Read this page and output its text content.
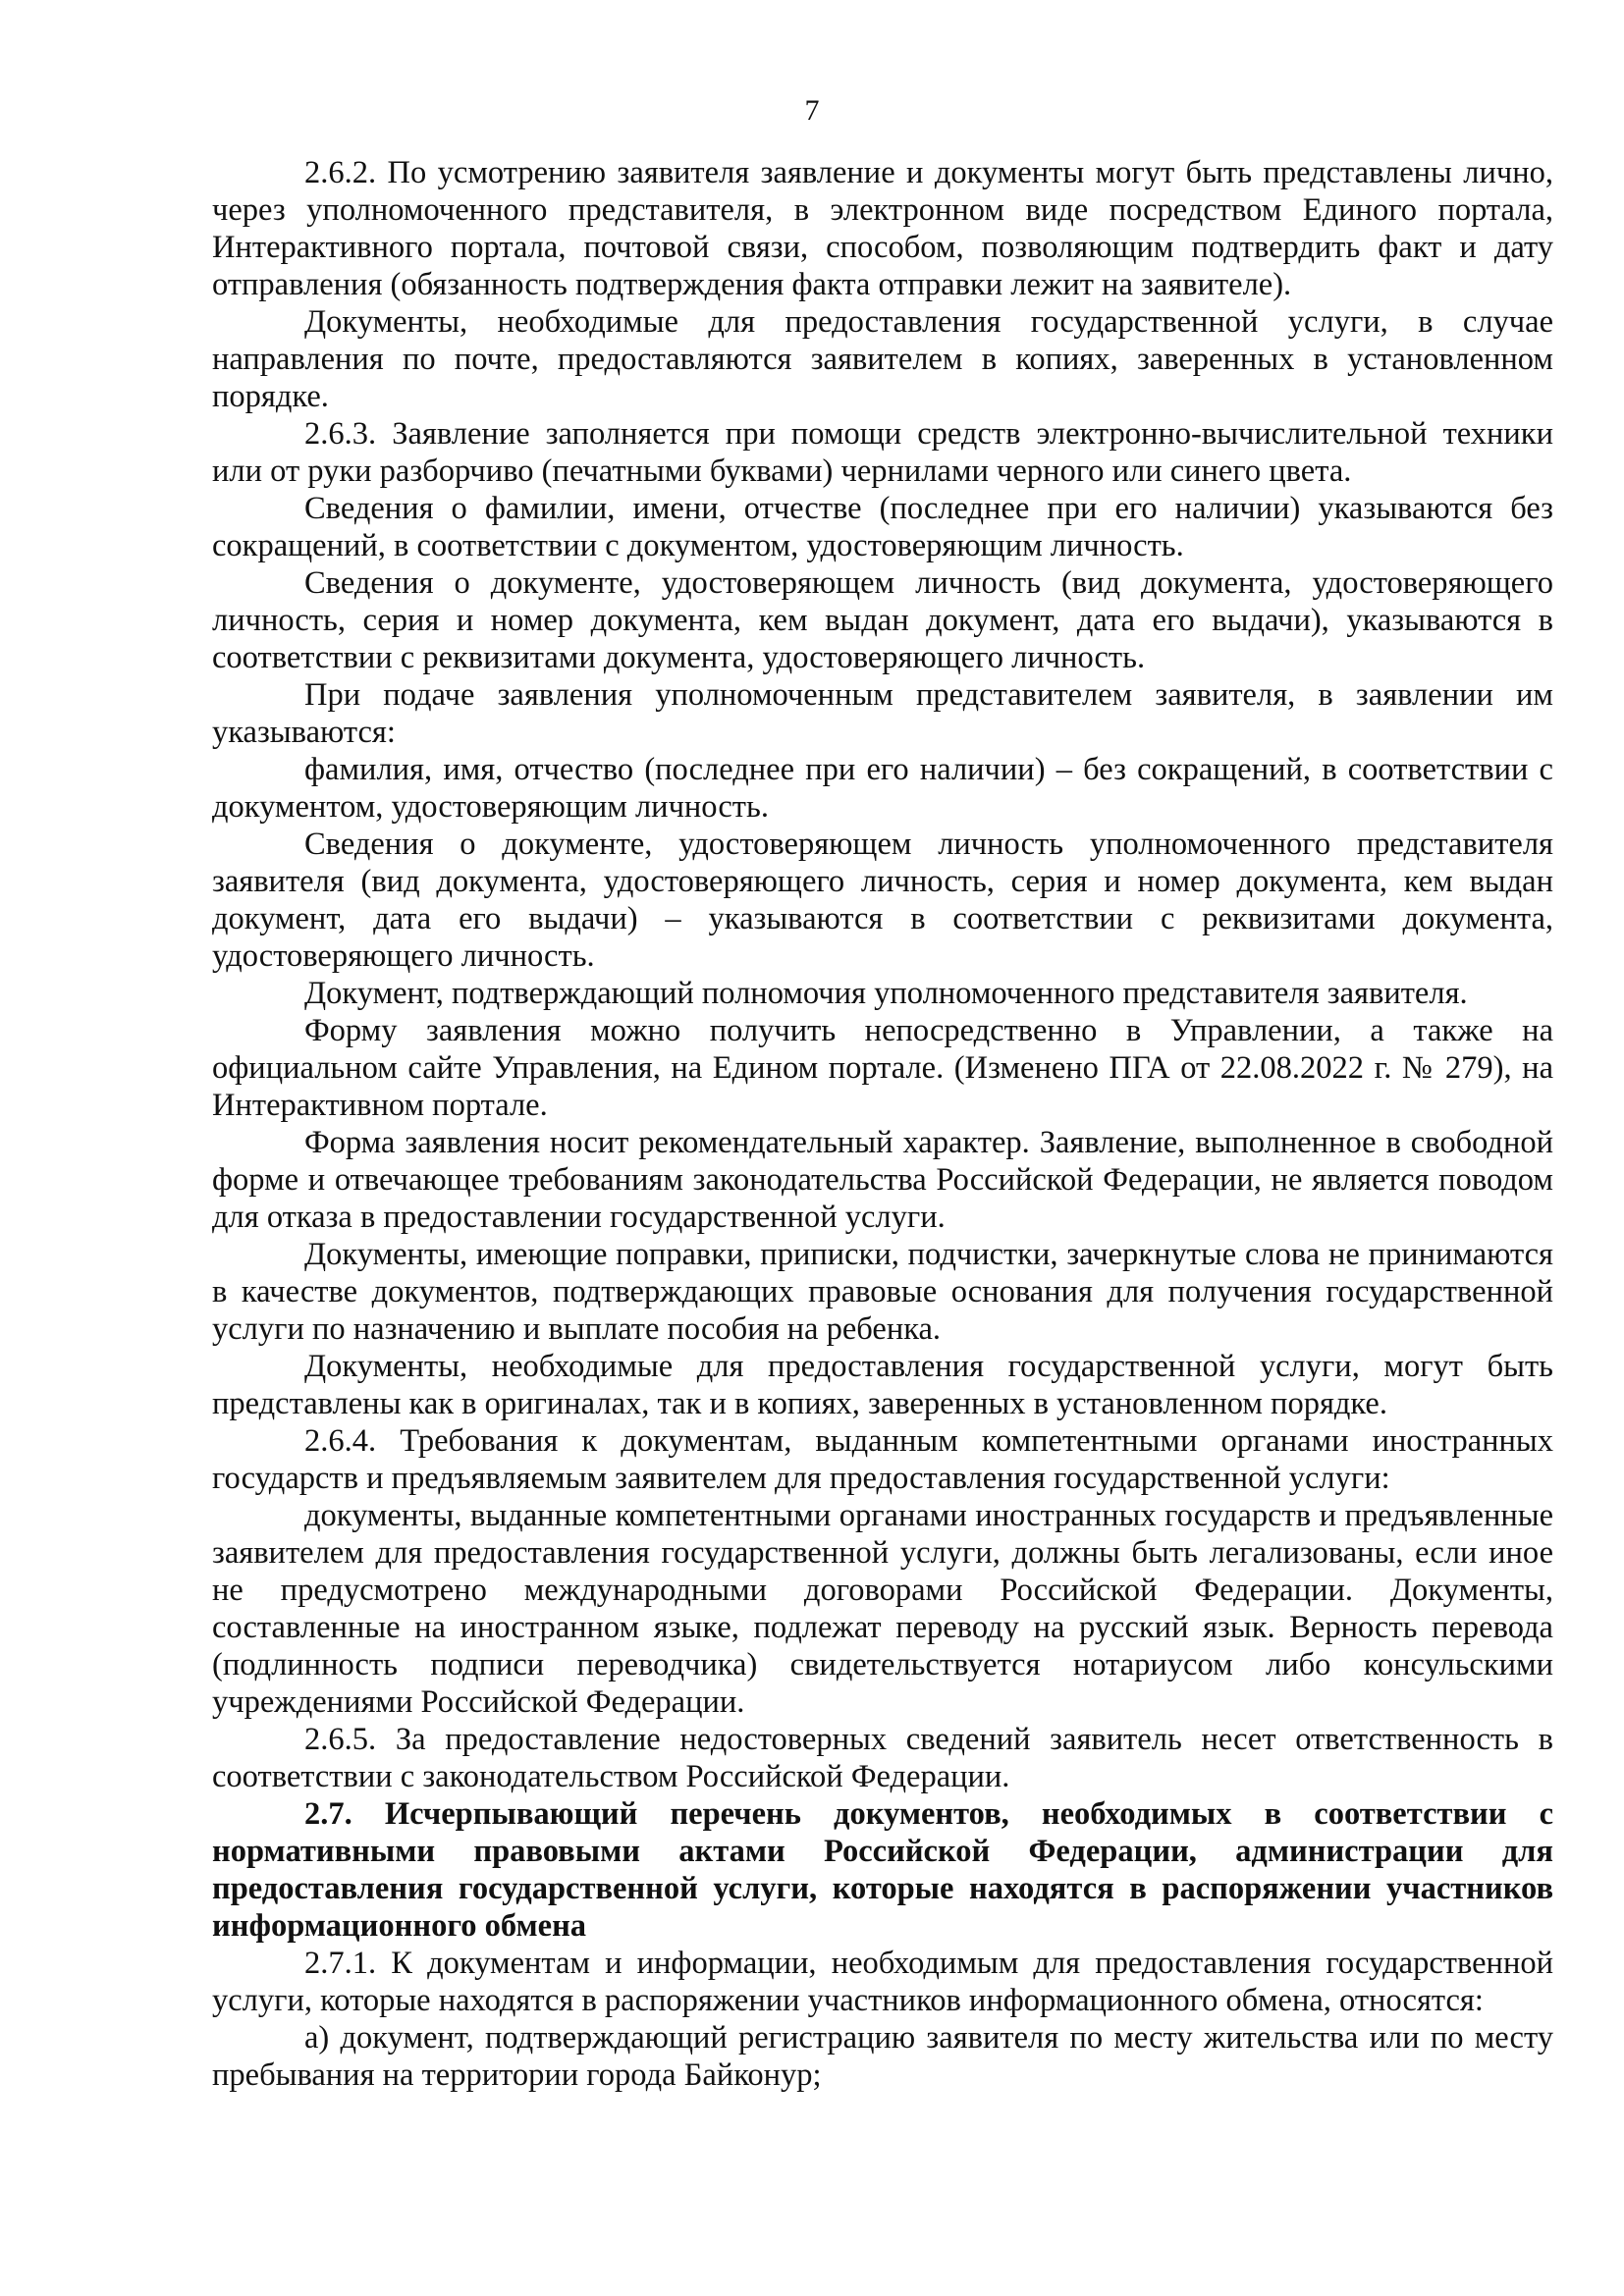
7

2.6.2. По усмотрению заявителя заявление и документы могут быть представлены лично, через уполномоченного представителя, в электронном виде посредством Единого портала, Интерактивного портала, почтовой связи, способом, позволяющим подтвердить факт и дату отправления (обязанность подтверждения факта отправки лежит на заявителе).

Документы, необходимые для предоставления государственной услуги, в случае направления по почте, предоставляются заявителем в копиях, заверенных в установленном порядке.

2.6.3. Заявление заполняется при помощи средств электронно-вычислительной техники или от руки разборчиво (печатными буквами) чернилами черного или синего цвета.

Сведения о фамилии, имени, отчестве (последнее при его наличии) указываются без сокращений, в соответствии с документом, удостоверяющим личность.

Сведения о документе, удостоверяющем личность (вид документа, удостоверяющего личность, серия и номер документа, кем выдан документ, дата его выдачи), указываются в соответствии с реквизитами документа, удостоверяющего личность.

При подаче заявления уполномоченным представителем заявителя, в заявлении им указываются:

фамилия, имя, отчество (последнее при его наличии) – без сокращений, в соответствии с документом, удостоверяющим личность.

Сведения о документе, удостоверяющем личность уполномоченного представителя заявителя (вид документа, удостоверяющего личность, серия и номер документа, кем выдан документ, дата его выдачи) – указываются в соответствии с реквизитами документа, удостоверяющего личность.

Документ, подтверждающий полномочия уполномоченного представителя заявителя.

Форму заявления можно получить непосредственно в Управлении, а также на официальном сайте Управления, на Едином портале. (Изменено ПГА от 22.08.2022 г. № 279), на Интерактивном портале.

Форма заявления носит рекомендательный характер. Заявление, выполненное в свободной форме и отвечающее требованиям законодательства Российской Федерации, не является поводом для отказа в предоставлении государственной услуги.

Документы, имеющие поправки, приписки, подчистки, зачеркнутые слова не принимаются в качестве документов, подтверждающих правовые основания для получения государственной услуги по назначению и выплате пособия на ребенка.

Документы, необходимые для предоставления государственной услуги, могут быть представлены как в оригиналах, так и в копиях, заверенных в установленном порядке.

2.6.4. Требования к документам, выданным компетентными органами иностранных государств и предъявляемым заявителем для предоставления государственной услуги:

документы, выданные компетентными органами иностранных государств и предъявленные заявителем для предоставления государственной услуги, должны быть легализованы, если иное не предусмотрено международными договорами Российской Федерации. Документы, составленные на иностранном языке, подлежат переводу на русский язык. Верность перевода (подлинность подписи переводчика) свидетельствуется нотариусом либо консульскими учреждениями Российской Федерации.

2.6.5. За предоставление недостоверных сведений заявитель несет ответственность в соответствии с законодательством Российской Федерации.

2.7. Исчерпывающий перечень документов, необходимых в соответствии с нормативными правовыми актами Российской Федерации, администрации для предоставления государственной услуги, которые находятся в распоряжении участников информационного обмена

2.7.1. К документам и информации, необходимым для предоставления государственной услуги, которые находятся в распоряжении участников информационного обмена, относятся:

а) документ, подтверждающий регистрацию заявителя по месту жительства или по месту пребывания на территории города Байконур;
